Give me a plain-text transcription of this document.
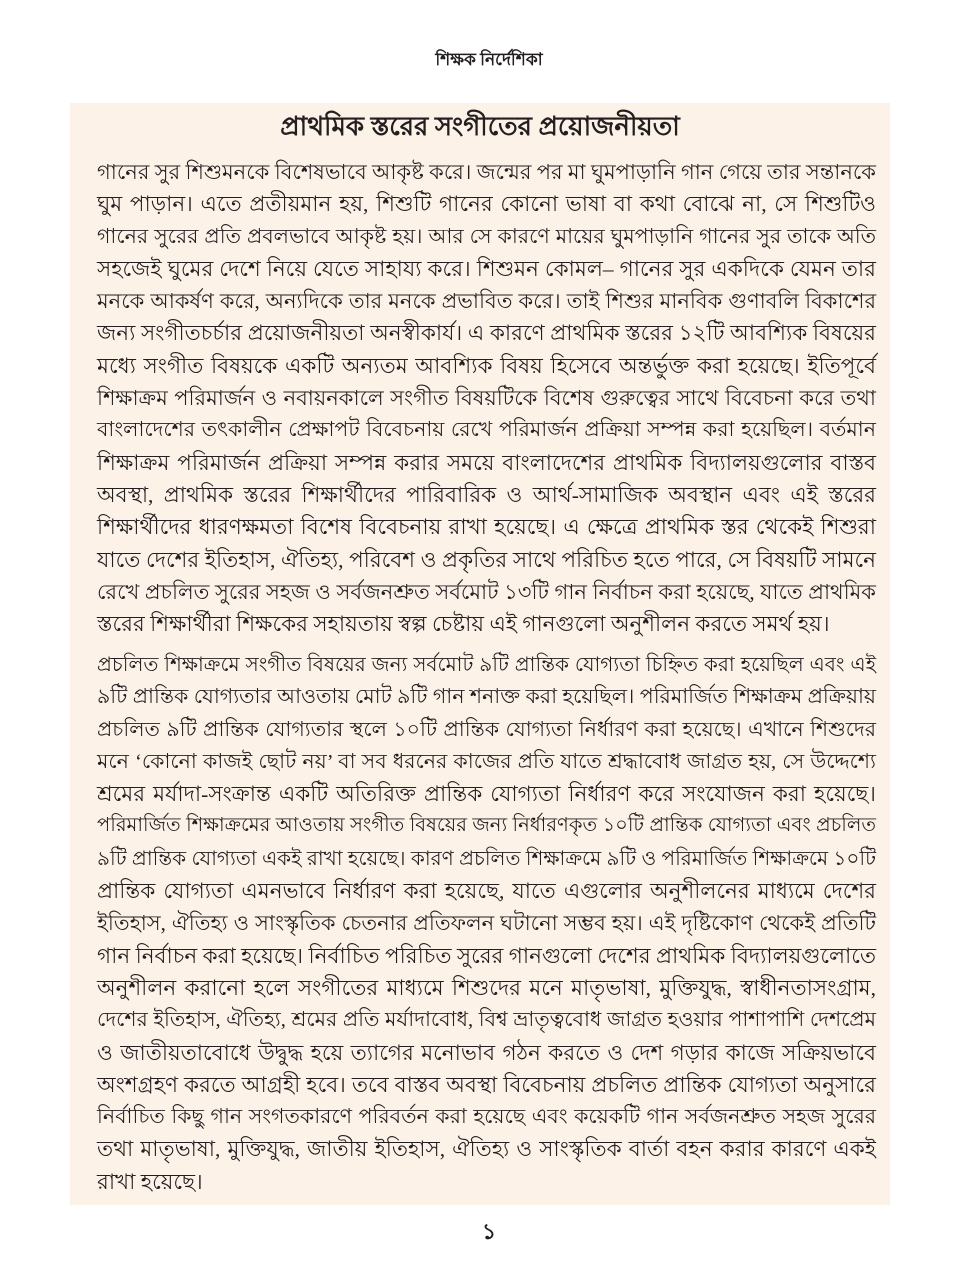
শিক্ষক নির্দেশিকা
প্রাথমিক স্তরের সংগীতের প্রয়োজনীয়তা
গানের সুর শিশুমনকে বিশেষভাবে আকৃষ্ট করে। জন্মের পর মা ঘুমপাড়ানি গান গেয়ে তার সন্তানকে
ঘুম পাড়ান। এতে প্রতীয়মান হয়, শিশুটি গানের কোনো ভাষা বা কথা বোঝে না, সে শিশুটিও
গানের সুরের প্রতি প্রবলভাবে আকৃষ্ট হয়। আর সে কারণে মায়ের ঘুমপাড়ানি গানের সুর তাকে অতি
সহজেই ঘুমের দেশে নিয়ে যেতে সাহায্য করে। শিশুমন কোমল– গানের সুর একদিকে যেমন তার
মনকে আকর্ষণ করে, অন্যদিকে তার মনকে প্রভাবিত করে। তাই শিশুর মানবিক গুণাবলি বিকাশের
জন্য সংগীতচর্চার প্রয়োজনীয়তা অনস্বীকার্য। এ কারণে প্রাথমিক স্তরের ১২টি আবশ্যিক বিষয়ের
মধ্যে সংগীত বিষয়কে একটি অন্যতম আবশ্যিক বিষয় হিসেবে অন্তর্ভুক্ত করা হয়েছে। ইতিপূর্বে
শিক্ষাক্রম পরিমার্জন ও নবায়নকালে সংগীত বিষয়টিকে বিশেষ গুরুত্বের সাথে বিবেচনা করে তথা
বাংলাদেশের তৎকালীন প্রেক্ষাপট বিবেচনায় রেখে পরিমার্জন প্রক্রিয়া সম্পন্ন করা হয়েছিল। বর্তমান
শিক্ষাক্রম পরিমার্জন প্রক্রিয়া সম্পন্ন করার সময়ে বাংলাদেশের প্রাথমিক বিদ্যালয়গুলোর বাস্তব
অবস্থা, প্রাথমিক স্তরের শিক্ষার্থীদের পারিবারিক ও আর্থ-সামাজিক অবস্থান এবং এই স্তরের
শিক্ষার্থীদের ধারণক্ষমতা বিশেষ বিবেচনায় রাখা হয়েছে। এ ক্ষেত্রে প্রাথমিক স্তর থেকেই শিশুরা
যাতে দেশের ইতিহাস, ঐতিহ্য, পরিবেশ ও প্রকৃতির সাথে পরিচিত হতে পারে, সে বিষয়টি সামনে
রেখে প্রচলিত সুরের সহজ ও সর্বজনশ্রুত সর্বমোট ১৩টি গান নির্বাচন করা হয়েছে, যাতে প্রাথমিক
স্তরের শিক্ষার্থীরা শিক্ষকের সহায়তায় স্বল্প চেষ্টায় এই গানগুলো অনুশীলন করতে সমর্থ হয়।
প্রচলিত শিক্ষাক্রমে সংগীত বিষয়ের জন্য সর্বমোট ৯টি প্রান্তিক যোগ্যতা চিহ্নিত করা হয়েছিল এবং এই
৯টি প্রান্তিক যোগ্যতার আওতায় মোট ৯টি গান শনাক্ত করা হয়েছিল। পরিমার্জিত শিক্ষাক্রম প্রক্রিয়ায়
প্রচলিত ৯টি প্রান্তিক যোগ্যতার স্থলে ১০টি প্রান্তিক যোগ্যতা নির্ধারণ করা হয়েছে। এখানে শিশুদের
মনে ‘কোনো কাজই ছোট নয়’ বা সব ধরনের কাজের প্রতি যাতে শ্রদ্ধাবোধ জাগ্রত হয়, সে উদ্দেশ্যে
শ্রমের মর্যাদা-সংক্রান্ত একটি অতিরিক্ত প্রান্তিক যোগ্যতা নির্ধারণ করে সংযোজন করা হয়েছে।
পরিমার্জিত শিক্ষাক্রমের আওতায় সংগীত বিষয়ের জন্য নির্ধারণকৃত ১০টি প্রান্তিক যোগ্যতা এবং প্রচলিত
৯টি প্রান্তিক যোগ্যতা একই রাখা হয়েছে। কারণ প্রচলিত শিক্ষাক্রমে ৯টি ও পরিমার্জিত শিক্ষাক্রমে ১০টি
প্রান্তিক যোগ্যতা এমনভাবে নির্ধারণ করা হয়েছে, যাতে এগুলোর অনুশীলনের মাধ্যমে দেশের
ইতিহাস, ঐতিহ্য ও সাংস্কৃতিক চেতনার প্রতিফলন ঘটানো সম্ভব হয়। এই দৃষ্টিকোণ থেকেই প্রতিটি
গান নির্বাচন করা হয়েছে। নির্বাচিত পরিচিত সুরের গানগুলো দেশের প্রাথমিক বিদ্যালয়গুলোতে
অনুশীলন করানো হলে সংগীতের মাধ্যমে শিশুদের মনে মাতৃভাষা, মুক্তিযুদ্ধ, স্বাধীনতাসংগ্রাম,
দেশের ইতিহাস, ঐতিহ্য, শ্রমের প্রতি মর্যাদাবোধ, বিশ্ব ভ্রাতৃত্ববোধ জাগ্রত হওয়ার পাশাপাশি দেশপ্রেম
ও জাতীয়তাবোধে উদ্বুদ্ধ হয়ে ত্যাগের মনোভাব গঠন করতে ও দেশ গড়ার কাজে সক্রিয়ভাবে
অংশগ্রহণ করতে আগ্রহী হবে। তবে বাস্তব অবস্থা বিবেচনায় প্রচলিত প্রান্তিক যোগ্যতা অনুসারে
নির্বাচিত কিছু গান সংগতকারণে পরিবর্তন করা হয়েছে এবং কয়েকটি গান সর্বজনশ্রুত সহজ সুরের
তথা মাতৃভাষা, মুক্তিযুদ্ধ, জাতীয় ইতিহাস, ঐতিহ্য ও সাংস্কৃতিক বার্তা বহন করার কারণে একই
রাখা হয়েছে।
১
